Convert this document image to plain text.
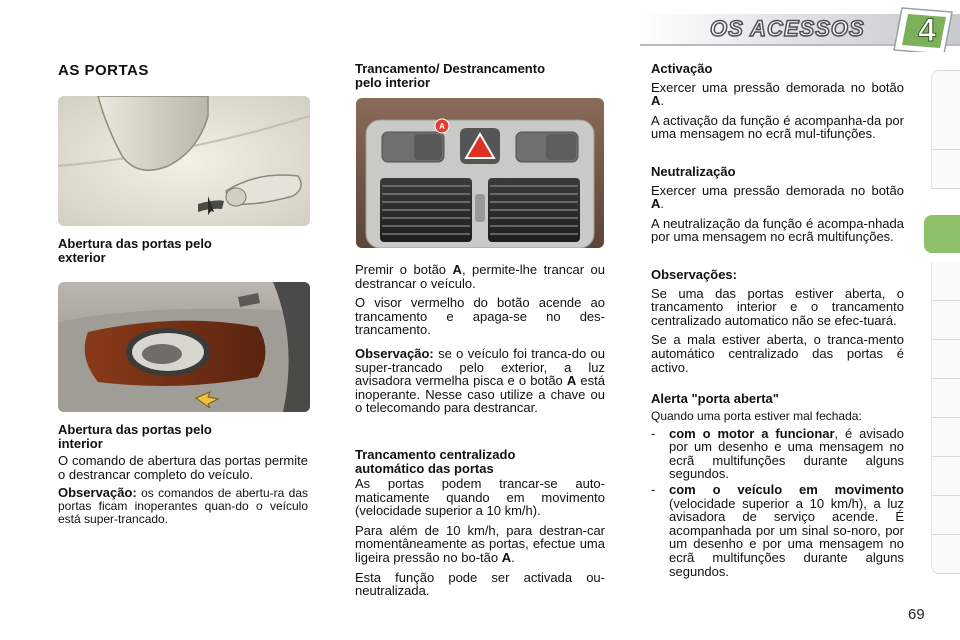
OS ACESSOS	4
AS PORTAS
Abertura das portas pelo exterior
Abertura das portas pelo interior

O comando de abertura das portas permite o destrancar completo do veículo.

Observação: os comandos de abertu-ra das portas ficam inoperantes quan-do o veículo está super-trancado.

Trancamento/ Destrancamento pelo interior
A

Premir o botão A, permite-lhe trancar ou destrancar o veículo.

O visor vermelho do botão acende ao trancamento e apaga-se no des-trancamento.

Observação: se o veículo foi tranca-do ou super-trancado pelo exterior, a luz avisadora vermelha pisca e o botão A está inoperante. Nesse caso utilize a chave ou o telecomando para destrancar.

Trancamento centralizado automático das portas

As portas podem trancar-se auto-maticamente quando em movimento (velocidade superior a 10 km/h).

Para além de 10 km/h, para destran-car momentâneamente as portas, efectue uma ligeira pressão no bo-tão A.

Esta função pode ser activada ou-neutralizada.

Activação

Exercer uma pressão demorada no botão A.

A activação da função é acompanha-da por uma mensagem no ecrã mul-tifunções.

Neutralização

Exercer uma pressão demorada no botão A.

A neutralização da função é acompa-nhada por uma mensagem no ecrã multifunções.

Observações:

Se uma das portas estiver aberta, o trancamento interior e o trancamento centralizado automatico não se efec-tuará.

Se a mala estiver aberta, o tranca-mento automático centralizado das portas é activo.

Alerta "porta aberta"
Quando uma porta estiver mal fechada:
-	com o motor a funcionar, é avisado por um desenho e uma mensagem no ecrã multifunções durante alguns segundos.
-	com o veículo em movimento (velocidade superior a 10 km/h), a luz avisadora de serviço acende. É acompanhada por um sinal so-noro, por um desenho e por uma mensagem no ecrã multifunções durante alguns segundos.
69
